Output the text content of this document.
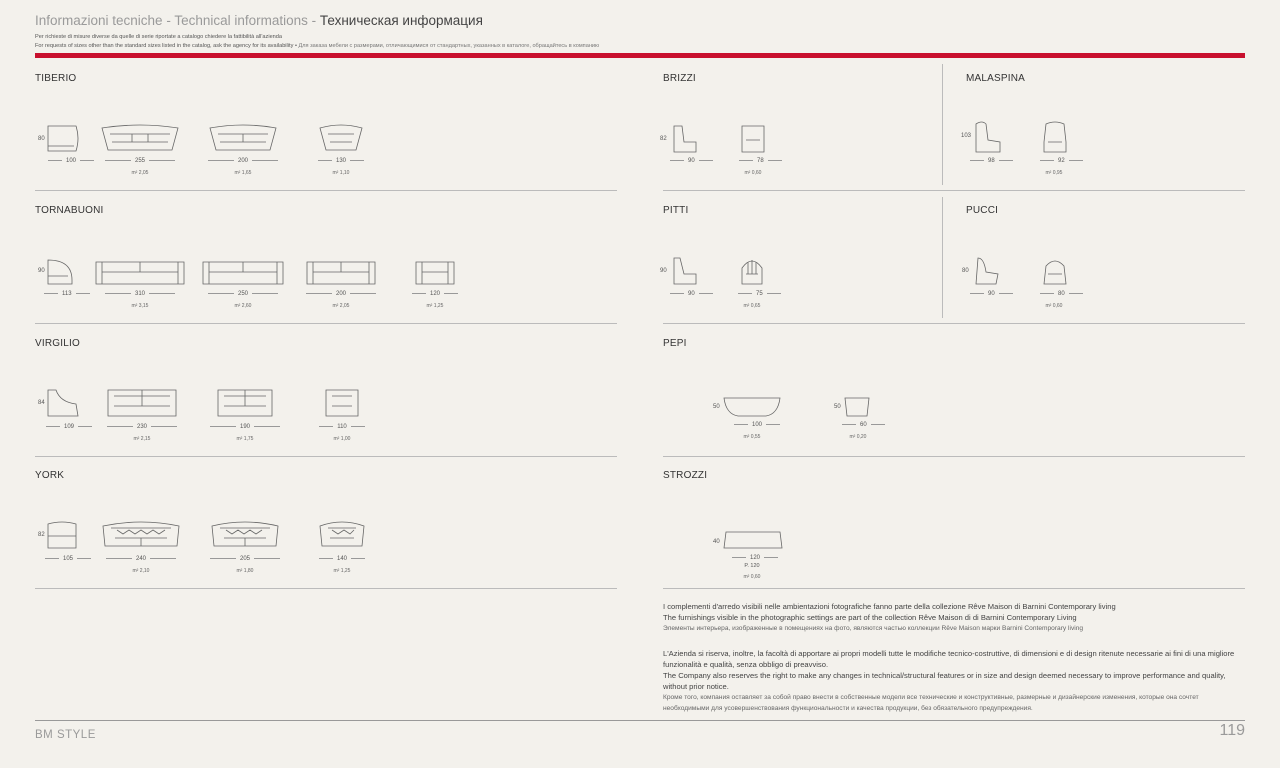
Informazioni tecniche - Technical informations - Техническая информация
Per richieste di misure diverse da quelle di serie riportate a catalogo chiedere la fattibilità all'azienda
For requests of sizes other than the standard sizes listed in the catalog, ask the agency for its availability • Для заказа мебели с размерами, отличающимися от стандартных, указанных в каталоге, обращайтесь в компанию
TIBERIO
80
100	255
m² 2,05
200
m² 1,65
130
m² 1,10
TORNABUONI
90
113	310
m² 3,15
250
m² 2,60
200
m² 2,05
120
m² 1,25
VIRGILIO
84
109	230
m² 2,15
190
m² 1,75
110
m² 1,00
YORK
82
105	240
m² 2,10
205
m² 1,80
140
m² 1,25
BRIZZI
82
90	78
m² 0,60
MALASPINA
103
98	92
m² 0,95
PITTI
90
90	75
m² 0,65
PUCCI
80
90	80
m² 0,60
PEPI
50
100
m² 0,55
50
60
m² 0,20
STROZZI
40
120
P. 120
m² 0,60

I complementi d'arredo visibili nelle ambientazioni fotografiche fanno parte della collezione Rêve Maison di Barnini Contemporary living

The furnishings visible in the photographic settings are part of the collection Rêve Maison di di Barnini Contemporary Living

Элементы интерьера, изображенные в помещениях на фото, являются частью коллекции Rêve Maison марки Barnini Contemporary living

L'Azienda si riserva, inoltre, la facoltà di apportare ai propri modelli tutte le modifiche tecnico-costruttive, di dimensioni e di design ritenute necessarie ai fini di una migliore funzionalità e qualità, senza obbligo di preavviso.

The Company also reserves the right to make any changes in technical/structural features or in size and design deemed necessary to improve performance and quality, without prior notice.

Кроме того, компания оставляет за собой право внести в собственные модели все технические и конструктивные, размерные и дизайнерские изменения, которые она сочтет необходимыми для усовершенствования функциональности и качества продукции, без обязательного предупреждения.

BM STYLE	119
